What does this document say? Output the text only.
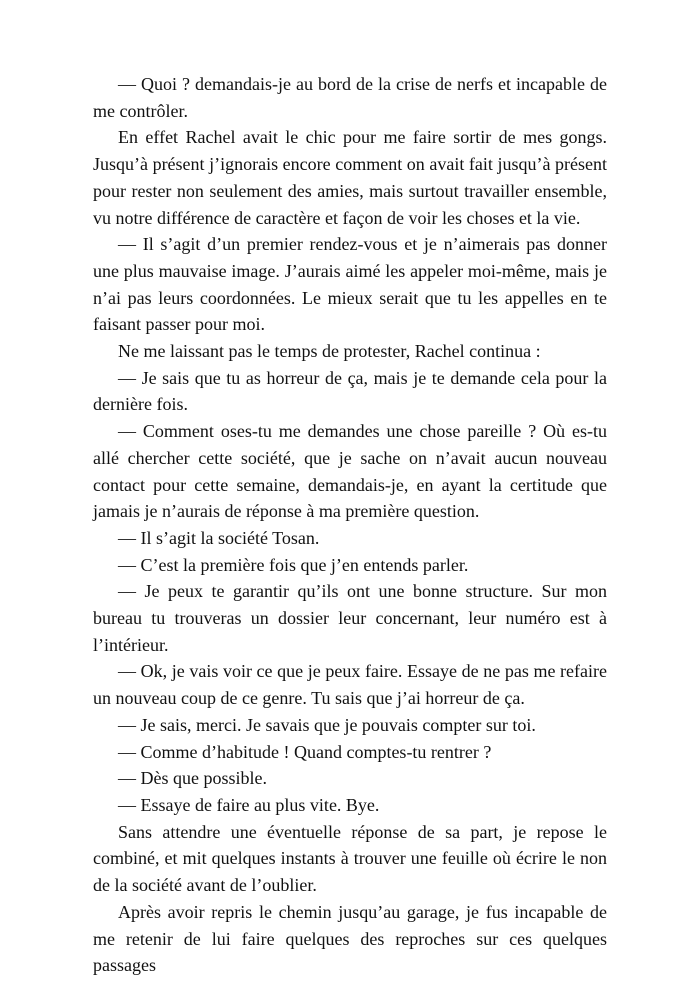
— Quoi ? demandais-je au bord de la crise de nerfs et incapable de me contrôler.

En effet Rachel avait le chic pour me faire sortir de mes gongs. Jusqu’à présent j’ignorais encore comment on avait fait jusqu’à présent pour rester non seulement des amies, mais surtout travailler ensemble, vu notre différence de caractère et façon de voir les choses et la vie.

— Il s’agit d’un premier rendez-vous et je n’aimerais pas donner une plus mauvaise image. J’aurais aimé les appeler moi-même, mais je n’ai pas leurs coordonnées. Le mieux serait que tu les appelles en te faisant passer pour moi.

Ne me laissant pas le temps de protester, Rachel continua :

— Je sais que tu as horreur de ça, mais je te demande cela pour la dernière fois.

— Comment oses-tu me demandes une chose pareille ? Où es-tu allé chercher cette société, que je sache on n’avait aucun nouveau contact pour cette semaine, demandais-je, en ayant la certitude que jamais je n’aurais de réponse à ma première question.

— Il s’agit la société Tosan.

— C’est la première fois que j’en entends parler.

— Je peux te garantir qu’ils ont une bonne structure. Sur mon bureau tu trouveras un dossier leur concernant, leur numéro est à l’intérieur.

— Ok, je vais voir ce que je peux faire. Essaye de ne pas me refaire un nouveau coup de ce genre. Tu sais que j’ai horreur de ça.

— Je sais, merci. Je savais que je pouvais compter sur toi.

— Comme d’habitude ! Quand comptes-tu rentrer ?

— Dès que possible.

— Essaye de faire au plus vite. Bye.

Sans attendre une éventuelle réponse de sa part, je repose le combiné, et mit quelques instants à trouver une feuille où écrire le non de la société avant de l’oublier.

Après avoir repris le chemin jusqu’au garage, je fus incapable de me retenir de lui faire quelques des reproches sur ces quelques passages
